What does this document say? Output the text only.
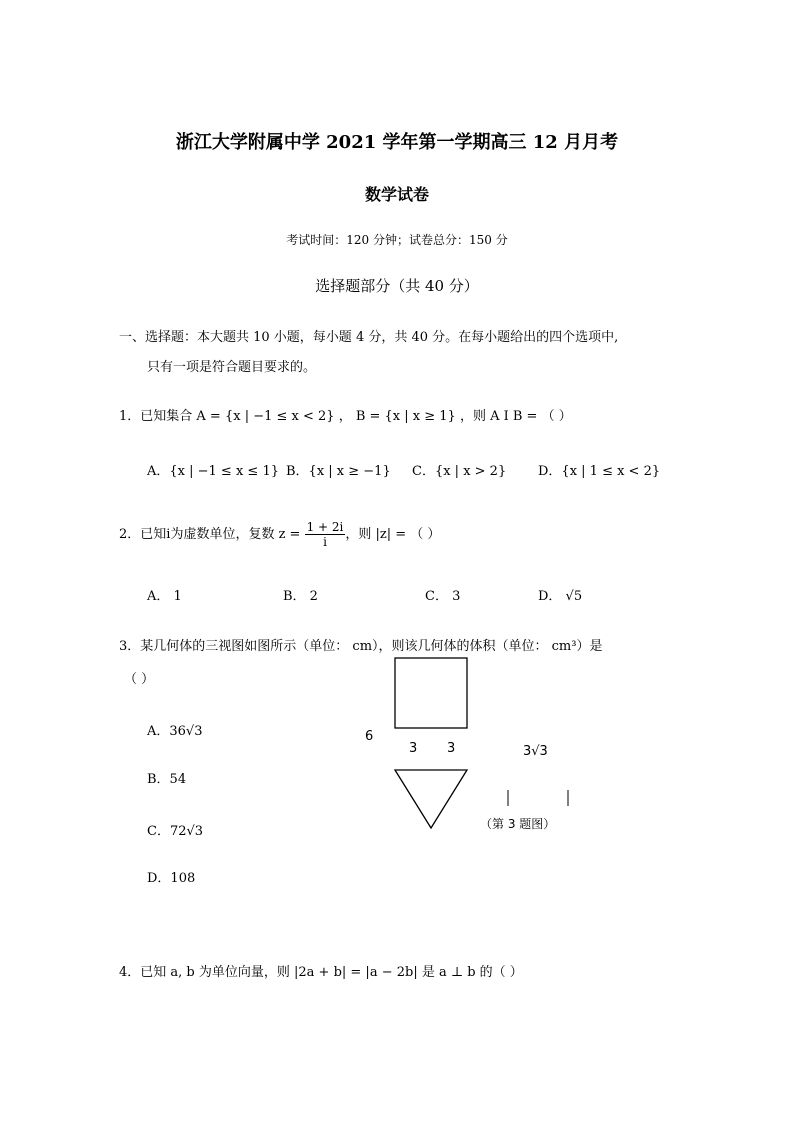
浙江大学附属中学 2021 学年第一学期高三 12 月月考
数学试卷
考试时间：120 分钟；试卷总分：150 分
选择题部分（共 40 分）
一、选择题：本大题共 10 小题，每小题 4 分，共 40 分。在每小题给出的四个选项中,
只有一项是符合题目要求的。
1．已知集合 A = {x | −1 ≤ x < 2} ， B = {x | x ≥ 1} ，则 A I B = （ ）
A．{x | −1 ≤ x ≤ 1} B．{x | x ≥ −1} C．{x | x > 2} D．{x | 1 ≤ x < 2}
2．已知i为虚数单位，复数 $z = \frac{1 + 2i}{i}$ ，则 |z| = （ ）
A． 1	B． 2	C． 3	D． √5
3．某几何体的三视图如图所示（单位： cm），则该几何体的体积（单位： cm³）是
（ ）
A．36√3
B．54
C．72√3
D．108
6
3 3	3√3
（第 3 题图）
4．已知 a, b 为单位向量，则 |2a + b| = |a − 2b| 是 a ⊥ b 的（ ）
